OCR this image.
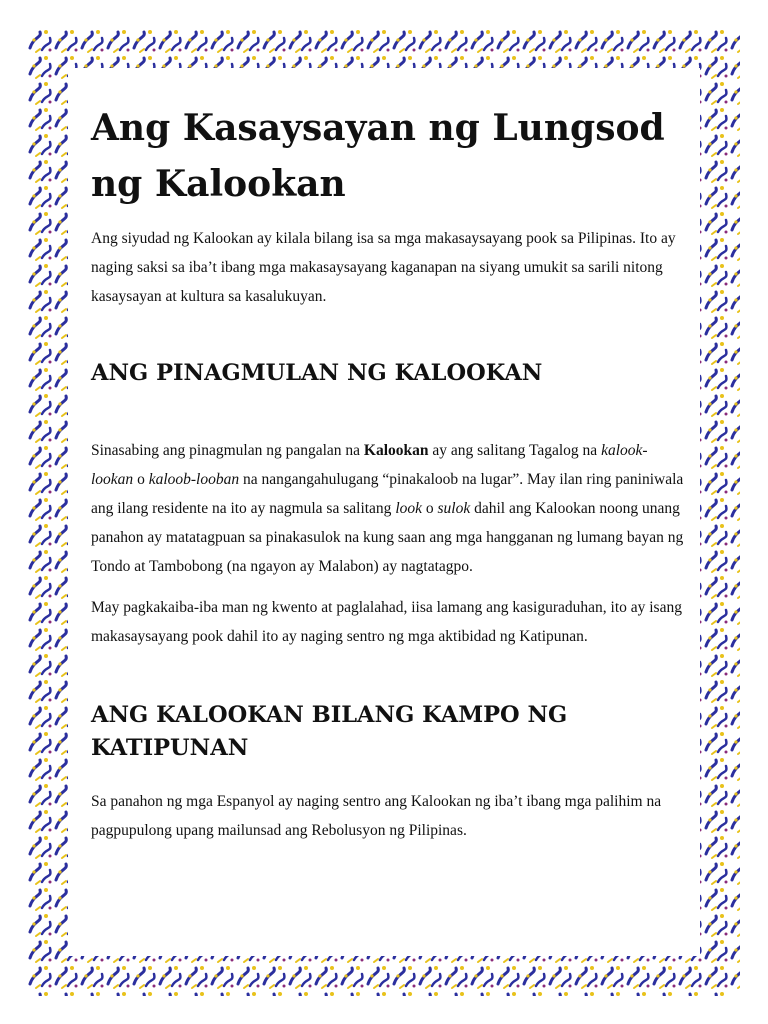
Ang Kasaysayan ng Lungsod ng Kalookan

Ang siyudad ng Kalookan ay kilala bilang isa sa mga makasaysayang pook sa Pilipinas. Ito ay naging saksi sa iba’t ibang mga makasaysayang kaganapan na siyang umukit sa sarili nitong kasaysayan at kultura sa kasalukuyan.

ANG PINAGMULAN NG KALOOKAN

Sinasabing ang pinagmulan ng pangalan na Kalookan ay ang salitang Tagalog na kalook-lookan o kaloob-looban na nangangahulugang “pinakaloob na lugar”. May ilan ring paniniwala ang ilang residente na ito ay nagmula sa salitang look o sulok dahil ang Kalookan noong unang panahon ay matatagpuan sa pinakasulok na kung saan ang mga hangganan ng lumang bayan ng Tondo at Tambobong (na ngayon ay Malabon) ay nagtatagpo.

May pagkakaiba-iba man ng kwento at paglalahad, iisa lamang ang kasiguraduhan, ito ay isang makasaysayang pook dahil ito ay naging sentro ng mga aktibidad ng Katipunan.

ANG KALOOKAN BILANG KAMPO NG KATIPUNAN

Sa panahon ng mga Espanyol ay naging sentro ang Kalookan ng iba’t ibang mga palihim na pagpupulong upang mailunsad ang Rebolusyon ng Pilipinas.
